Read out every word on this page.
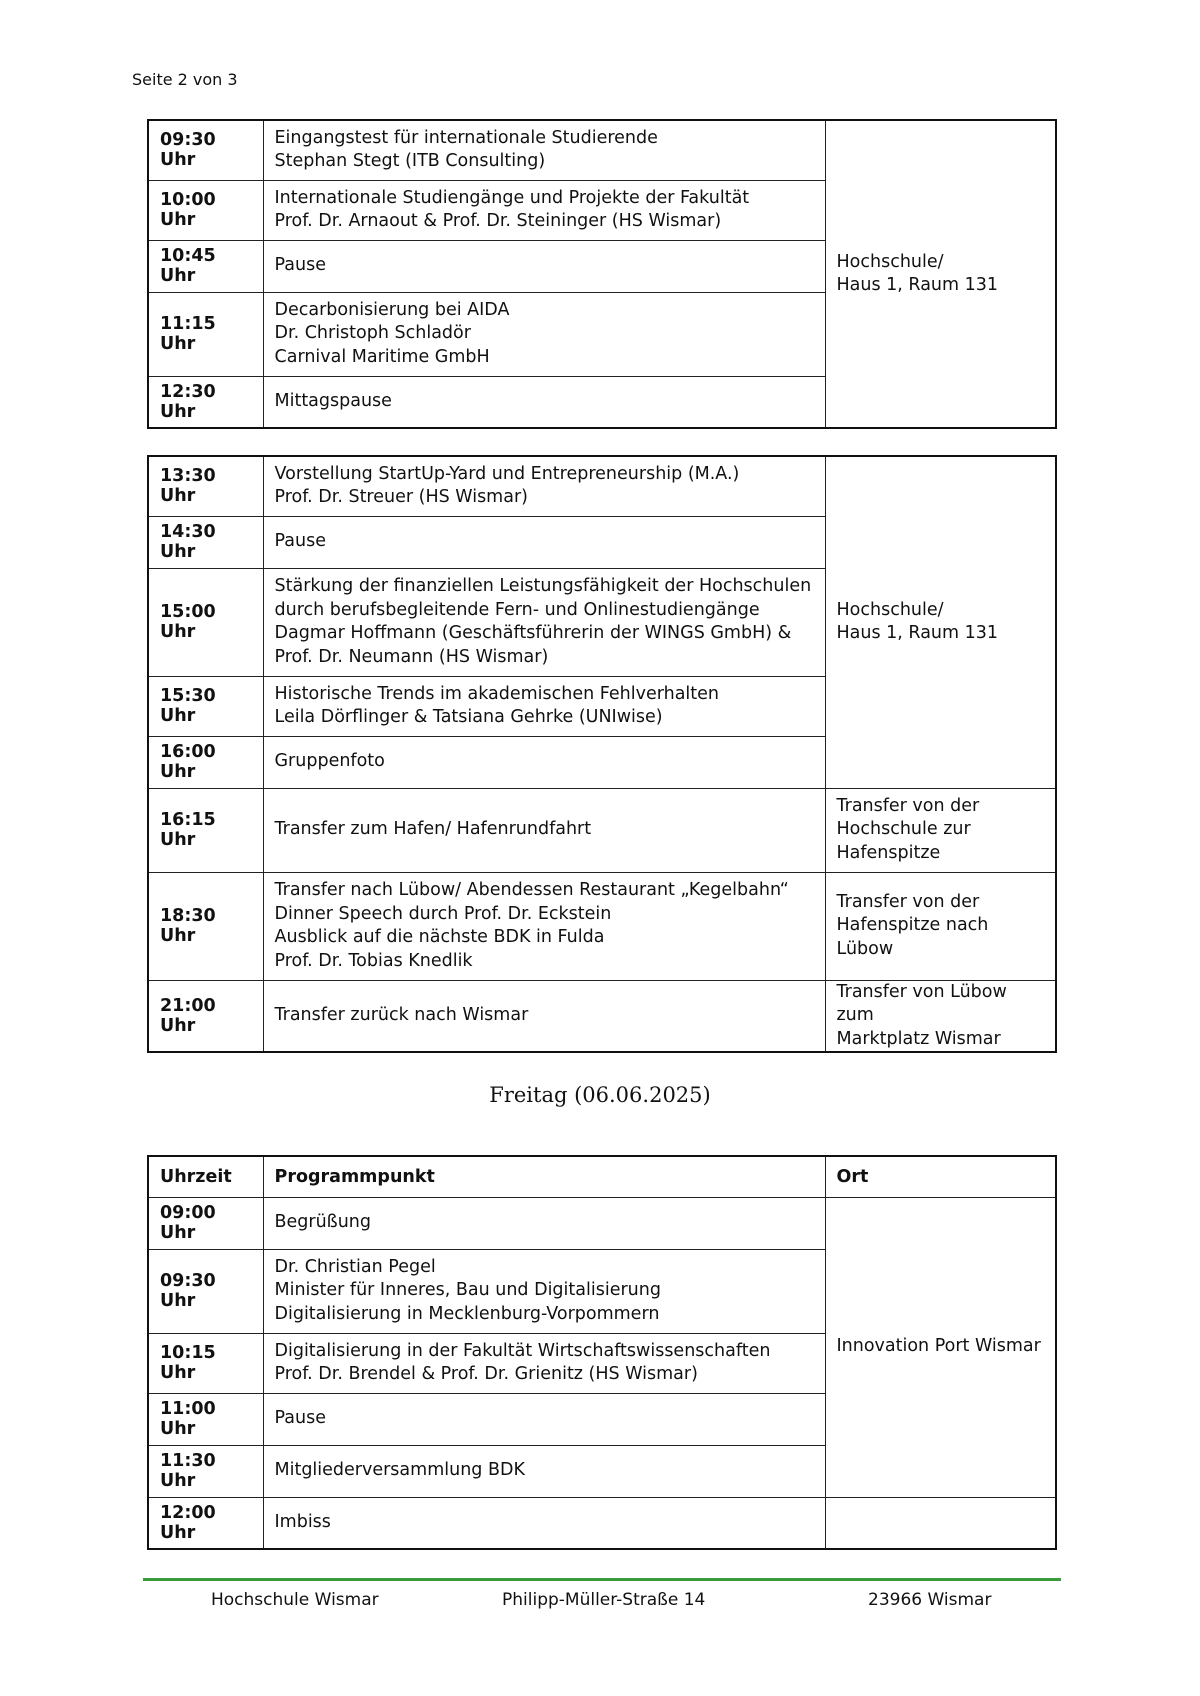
Seite 2 von 3
09:30 Uhr	Eingangstest für internationale Studierende
Stephan Stegt (ITB Consulting)	Hochschule/
Haus 1, Raum 131

10:00 Uhr	Internationale Studiengänge und Projekte der Fakultät
Prof. Dr. Arnaout & Prof. Dr. Steininger (HS Wismar)	

10:45 Uhr	Pause	

11:15 Uhr	Decarbonisierung bei AIDA
Dr. Christoph Schladör
Carnival Maritime GmbH	

12:30 Uhr	Mittagspause	
13:30 Uhr	Vorstellung StartUp-Yard und Entrepreneurship (M.A.)
Prof. Dr. Streuer (HS Wismar)	Hochschule/
Haus 1, Raum 131

14:30 Uhr	Pause	

15:00 Uhr	Stärkung der finanziellen Leistungsfähigkeit der Hochschulen
durch berufsbegleitende Fern- und Onlinestudiengänge
Dagmar Hoffmann (Geschäftsführerin der WINGS GmbH) &
Prof. Dr. Neumann (HS Wismar)	

15:30 Uhr	Historische Trends im akademischen Fehlverhalten
Leila Dörflinger & Tatsiana Gehrke (UNIwise)	

16:00 Uhr	Gruppenfoto	

16:15 Uhr	Transfer zum Hafen/ Hafenrundfahrt	Transfer von der
Hochschule zur
Hafenspitze

18:30 Uhr	Transfer nach Lübow/ Abendessen Restaurant „Kegelbahn“
Dinner Speech durch Prof. Dr. Eckstein
Ausblick auf die nächste BDK in Fulda
Prof. Dr. Tobias Knedlik	Transfer von der
Hafenspitze nach
Lübow

21:00 Uhr	Transfer zurück nach Wismar	Transfer von Lübow zum
Marktplatz Wismar
Freitag (06.06.2025)
Uhrzeit	Programmpunkt	Ort
09:00 Uhr	Begrüßung	Innovation Port Wismar

09:30 Uhr	Dr. Christian Pegel
Minister für Inneres, Bau und Digitalisierung
Digitalisierung in Mecklenburg-Vorpommern	

10:15 Uhr	Digitalisierung in der Fakultät Wirtschaftswissenschaften
Prof. Dr. Brendel & Prof. Dr. Grienitz (HS Wismar)	

11:00 Uhr	Pause	

11:30 Uhr	Mitgliederversammlung BDK	

12:00 Uhr	Imbiss	

Hochschule Wismar	Philipp-Müller-Straße 14	23966 Wismar
